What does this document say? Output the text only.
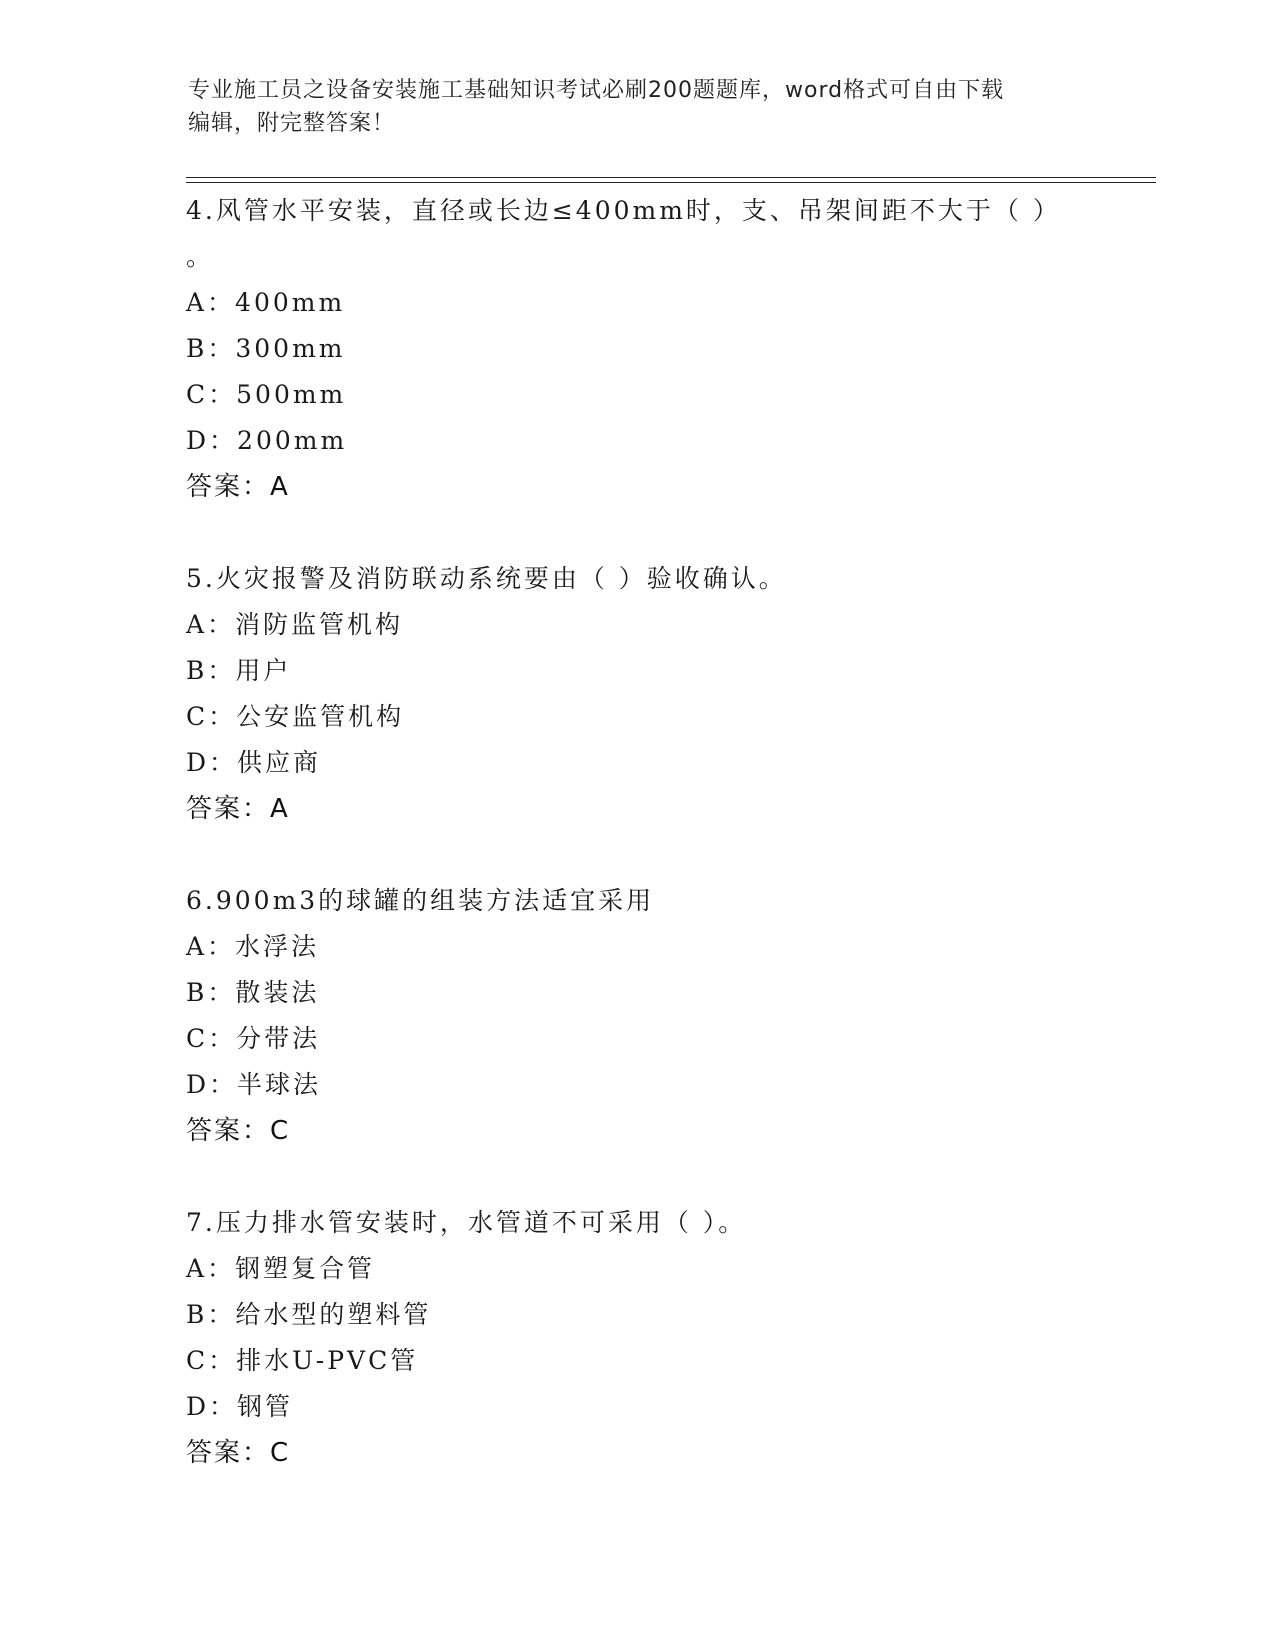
专业施工员之设备安装施工基础知识考试必刷200题题库，word格式可自由下载
编辑，附完整答案！
4.风管水平安装，直径或长边≤400mm时，支、吊架间距不大于（ ）
。
A：400mm
B：300mm
C：500mm
D：200mm
答案：A
5.火灾报警及消防联动系统要由（ ）验收确认。
A：消防监管机构
B：用户
C：公安监管机构
D：供应商
答案：A
6.900m3的球罐的组装方法适宜采用
A：水浮法
B：散装法
C：分带法
D：半球法
答案：C
7.压力排水管安装时，水管道不可采用（ ）。
A：钢塑复合管
B：给水型的塑料管
C：排水U-PVC管
D：钢管
答案：C
